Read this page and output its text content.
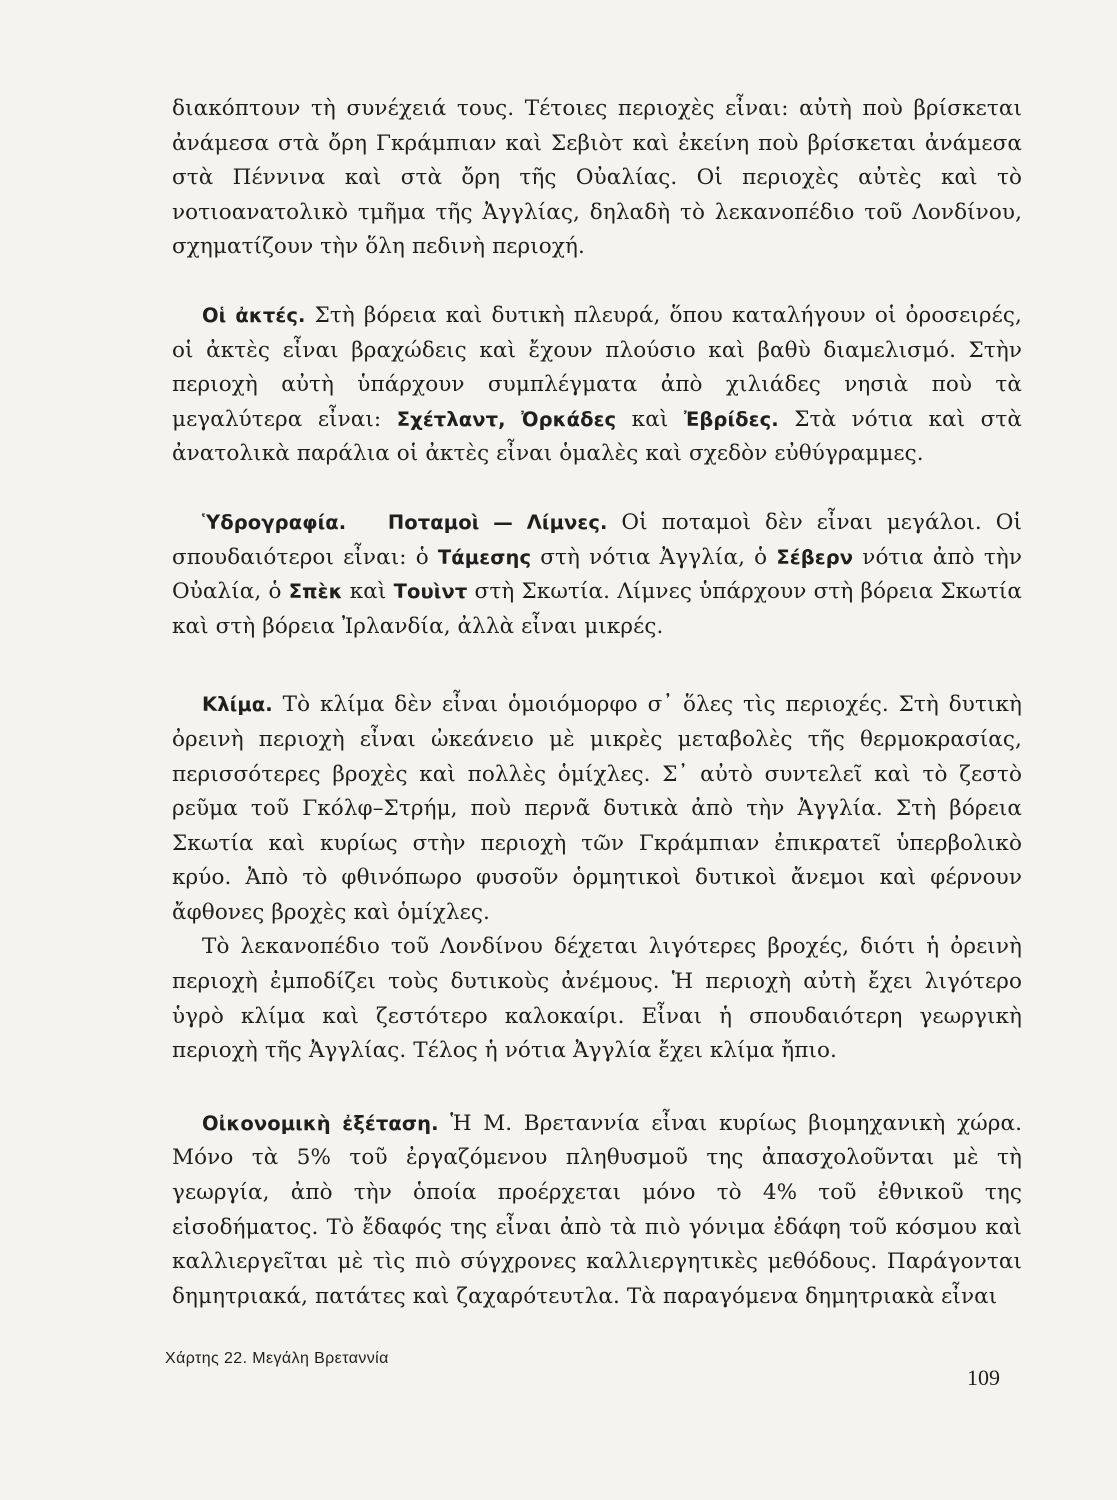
διακόπτουν τὴ συνέχειά τους. Τέτοιες περιοχὲς εἶναι: αὐτὴ ποὺ βρίσκεται ἀνάμεσα στὰ ὄρη Γκράμπιαν καὶ Σεβιὸτ καὶ ἐκείνη ποὺ βρίσκεται ἀνάμεσα στὰ Πέννινα καὶ στὰ ὄρη τῆς Οὐαλίας. Οἱ περιοχὲς αὐτὲς καὶ τὸ νοτιοανατολικὸ τμῆμα τῆς Ἀγγλίας, δηλαδὴ τὸ λεκανοπέδιο τοῦ Λονδίνου, σχηματίζουν τὴν ὅλη πεδινὴ περιοχή.

Οἱ ἀκτές. Στὴ βόρεια καὶ δυτικὴ πλευρά, ὅπου καταλήγουν οἱ ὀροσειρές, οἱ ἀκτὲς εἶναι βραχώδεις καὶ ἔχουν πλούσιο καὶ βαθὺ διαμελισμό. Στὴν περιοχὴ αὐτὴ ὑπάρχουν συμπλέγματα ἀπὸ χιλιάδες νησιὰ ποὺ τὰ μεγαλύτερα εἶναι: Σχέτλαντ, Ὀρκάδες καὶ Ἐβρίδες. Στὰ νότια καὶ στὰ ἀνατολικὰ παράλια οἱ ἀκτὲς εἶναι ὁμαλὲς καὶ σχεδὸν εὐθύγραμμες.

Ὑδρογραφία.   Ποταμοὶ — Λίμνες. Οἱ ποταμοὶ δὲν εἶναι μεγάλοι. Οἱ σπουδαιότεροι εἶναι: ὁ Τάμεσης στὴ νότια Ἀγγλία, ὁ Σέβερν νότια ἀπὸ τὴν Οὐαλία, ὁ Σπὲκ καὶ Τουὶντ στὴ Σκωτία. Λίμνες ὑπάρχουν στὴ βόρεια Σκωτία καὶ στὴ βόρεια Ἰρλανδία, ἀλλὰ εἶναι μικρές.

Κλίμα. Τὸ κλίμα δὲν εἶναι ὁμοιόμορφο σ᾽ ὅλες τὶς περιοχές. Στὴ δυτικὴ ὀρεινὴ περιοχὴ εἶναι ὠκεάνειο μὲ μικρὲς μεταβολὲς τῆς θερμοκρασίας, περισσότερες βροχὲς καὶ πολλὲς ὁμίχλες. Σ᾽ αὐτὸ συντελεῖ καὶ τὸ ζεστὸ ρεῦμα τοῦ Γκόλφ–Στρήμ, ποὺ περνᾶ δυτικὰ ἀπὸ τὴν Ἀγγλία. Στὴ βόρεια Σκωτία καὶ κυρίως στὴν περιοχὴ τῶν Γκράμπιαν ἐπικρατεῖ ὑπερβολικὸ κρύο. Ἀπὸ τὸ φθινόπωρο φυσοῦν ὁρμητικοὶ δυτικοὶ ἄνεμοι καὶ φέρνουν ἄφθονες βροχὲς καὶ ὁμίχλες.

Τὸ λεκανοπέδιο τοῦ Λονδίνου δέχεται λιγότερες βροχές, διότι ἡ ὀρεινὴ περιοχὴ ἐμποδίζει τοὺς δυτικοὺς ἀνέμους. Ἡ περιοχὴ αὐτὴ ἔχει λιγότερο ὑγρὸ κλίμα καὶ ζεστότερο καλοκαίρι. Εἶναι ἡ σπουδαιότερη γεωργικὴ περιοχὴ τῆς Ἀγγλίας. Τέλος ἡ νότια Ἀγγλία ἔχει κλίμα ἤπιο.

Οἰκονομικὴ ἐξέταση. Ἡ Μ. Βρεταννία εἶναι κυρίως βιομηχανικὴ χώρα. Μόνο τὰ 5% τοῦ ἐργαζόμενου πληθυσμοῦ της ἀπασχολοῦνται μὲ τὴ γεωργία, ἀπὸ τὴν ὁποία προέρχεται μόνο τὸ 4% τοῦ ἐθνικοῦ της εἰσοδήματος. Τὸ ἔδαφός της εἶναι ἀπὸ τὰ πιὸ γόνιμα ἐδάφη τοῦ κόσμου καὶ καλλιεργεῖται μὲ τὶς πιὸ σύγχρονες καλλιεργητικὲς μεθόδους. Παράγονται δημητριακά, πατάτες καὶ ζαχαρότευτλα. Τὰ παραγόμενα δημητριακὰ εἶναι

Χάρτης 22. Μεγάλη Βρεταννία
109
